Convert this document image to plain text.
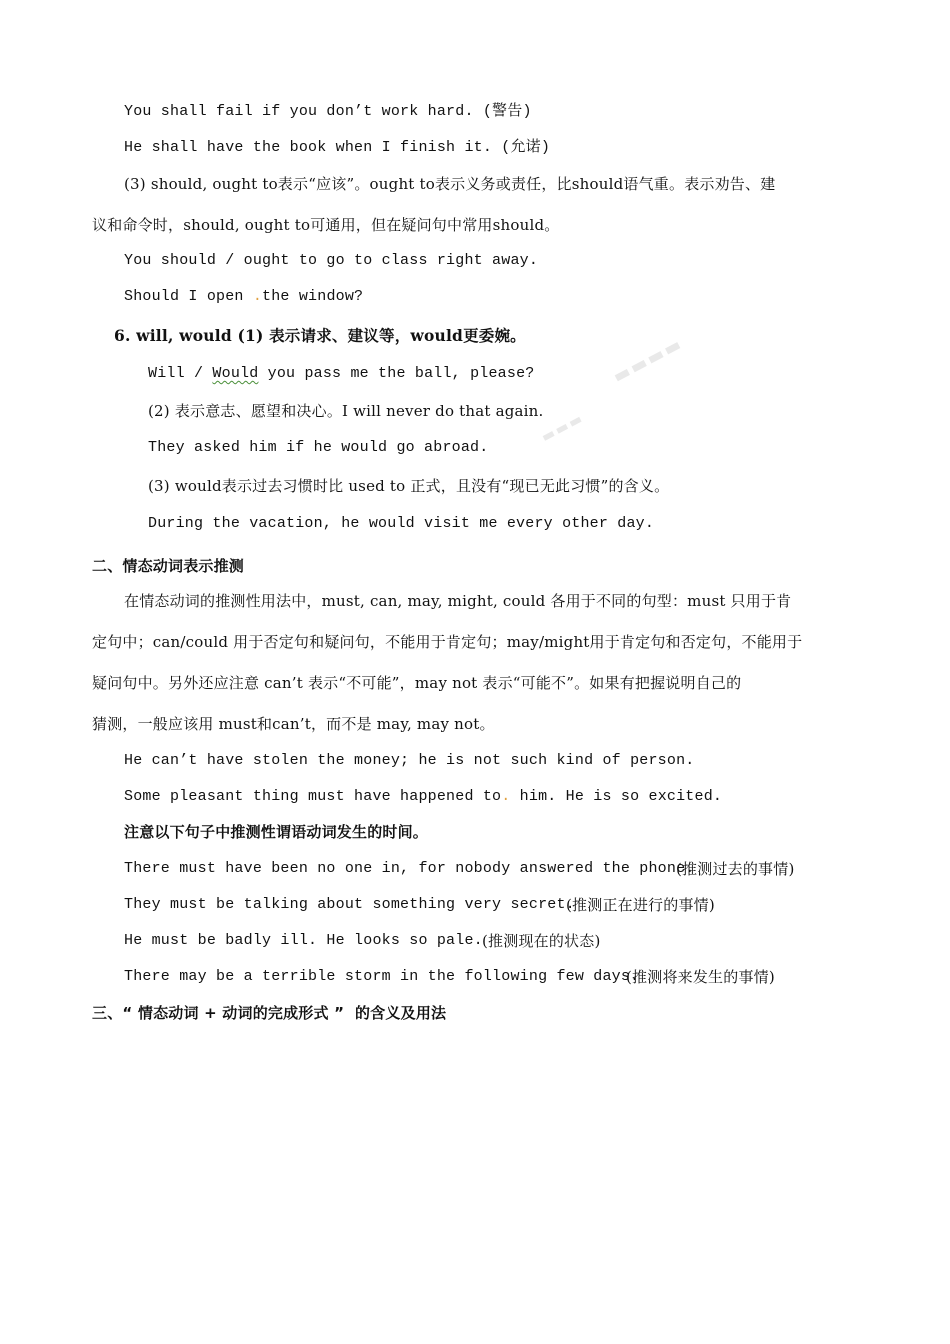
▬▬▬▬
▬▬▬
You shall fail if you don’t work hard. (警告)
He shall have the book when I finish it. (允诺)
(3) should, ought to表示“应该”。ought to表示义务或责任，比should语气重。表示劝告、建
议和命令时，should, ought to可通用，但在疑问句中常用should。
You should / ought to go to class right away.
Should I open .the window?
6. will, would (1) 表示请求、建议等，would更委婉。
Will / Would you pass me the ball, please?
(2) 表示意志、愿望和决心。I will never do that again.
They asked him if he would go abroad.
(3) would表示过去习惯时比 used to 正式，且没有“现已无此习惯”的含义。
During the vacation, he would visit me every other day.
二、情态动词表示推测
在情态动词的推测性用法中，must, can, may, might, could 各用于不同的句型：must 只用于肯
定句中；can/could 用于否定句和疑问句，不能用于肯定句；may/might用于肯定句和否定句，不能用于
疑问句中。另外还应注意 can’t 表示“不可能”，may not 表示“可能不”。如果有把握说明自己的
猜测，一般应该用 must和can’t，而不是 may, may not。
He can’t have stolen the money; he is not such kind of person.
Some pleasant thing must have happened to. him. He is so excited.
注意以下句子中推测性谓语动词发生的时间。
There must have been no one in, for nobody answered the phone.
(推测过去的事情)
They must be talking about something very secret.
(推测正在进行的事情)
He must be badly ill. He looks so pale. (推测现在的状态)
There may be a terrible storm in the following few days.
(推测将来发生的事情)
三、“ 情态动词 + 动词的完成形式 ”  的含义及用法
